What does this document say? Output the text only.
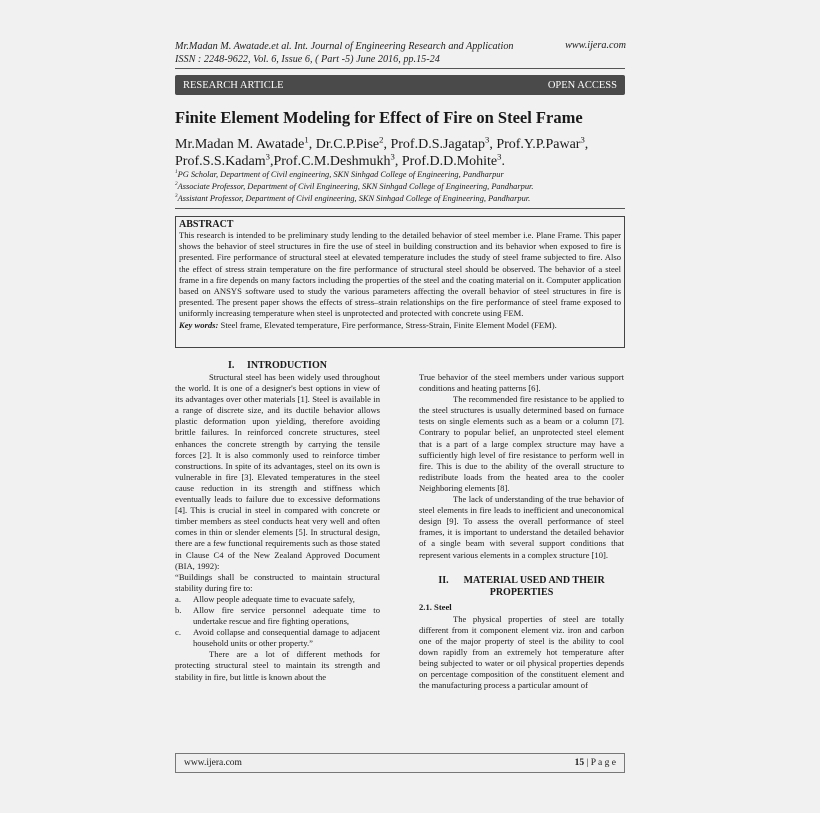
Mr.Madan M. Awatade.et al. Int. Journal of Engineering Research and Application	www.ijera.com
ISSN : 2248-9622, Vol. 6, Issue 6, ( Part -5) June 2016, pp.15-24
RESEARCH ARTICLE	OPEN ACCESS
Finite Element Modeling for Effect of Fire on Steel Frame
Mr.Madan M. Awatade$^1$, Dr.C.P.Pise$^2$, Prof.D.S.Jagatap$^3$, Prof.Y.P.Pawar$^3$,
Prof.S.S.Kadam$^3$,Prof.C.M.Deshmukh$^3$, Prof.D.D.Mohite$^3$.
$^1$PG Scholar, Department of Civil engineering, SKN Sinhgad College of Engineering, Pandharpur
$^2$Associate Professor, Department of Civil Engineering, SKN Sinhgad College of Engineering, Pandharpur.
$^3$Assistant Professor, Department of Civil engineering, SKN Sinhgad College of Engineering, Pandharpur.
ABSTRACT
This research is intended to be preliminary study lending to the detailed behavior of steel member i.e. Plane Frame. This paper shows the behavior of steel structures in fire the use of steel in building construction and its behavior when exposed to fire is presented. Fire performance of structural steel at elevated temperature includes the study of steel frame subjected to fire. Also the effect of stress strain temperature on the fire performance of structural steel should be observed. The behavior of a steel frame in a fire depends on many factors including the properties of the steel and the coating material on it. Computer application based on ANSYS software used to study the various parameters affecting the overall behavior of steel structures in fire is presented. The present paper shows the effects of stress–strain relationships on the fire performance of steel frame exposed to uniformly increasing temperature when steel is unprotected and protected with concrete using FEM.
Key words: Steel frame, Elevated temperature, Fire performance, Stress-Strain, Finite Element Model (FEM).
I. INTRODUCTION

Structural steel has been widely used throughout the world. It is one of a designer's best options in view of its advantages over other materials [1]. Steel is available in a range of discrete size, and its ductile behavior allows plastic deformation upon yielding, therefore avoiding brittle failures. In reinforced concrete structures, steel enhances the concrete strength by carrying the tensile forces [2]. It is also commonly used to reinforce timber constructions. In spite of its advantages, steel on its own is vulnerable in fire [3]. Elevated temperatures in the steel cause reduction in its strength and stiffness which eventually leads to failure due to excessive deformations [4]. This is crucial in steel in compared with concrete or timber members as steel conducts heat very well and often comes in thin or slender elements [5]. In structural design, there are a few functional requirements such as those stated in Clause C4 of the New Zealand Approved Document (BIA, 1992):

“Buildings shall be constructed to maintain structural stability during fire to:

a.	Allow people adequate time to evacuate safely,
b.	Allow fire service personnel adequate time to undertake rescue and fire fighting operations,
c.	Avoid collapse and consequential damage to adjacent household units or other property.”

There are a lot of different methods for protecting structural steel to maintain its strength and stability in fire, but little is known about the

True behavior of the steel members under various support conditions and heating patterns [6].

The recommended fire resistance to be applied to the steel structures is usually determined based on furnace tests on single elements such as a beam or a column [7]. Contrary to popular belief, an unprotected steel element that is a part of a large complex structure may have a sufficiently high level of fire resistance to perform well in fire. This is due to the ability of the overall structure to redistribute loads from the heated area to the cooler Neighboring elements [8].

The lack of understanding of the true behavior of steel elements in fire leads to inefficient and uneconomical design [9]. To assess the overall performance of steel frames, it is important to understand the detailed behavior of a single beam with several support conditions that represent various elements in a complex structure [10].

II. MATERIAL USED AND THEIR PROPERTIES
2.1. Steel

The physical properties of steel are totally different from it component element viz. iron and carbon one of the major property of steel is the ability to cool down rapidly from an extremely hot temperature after being subjected to water or oil physical properties depends on percentage composition of the constituent element and the manufacturing process a particular amount of

www.ijera.com	15 | P a g e
